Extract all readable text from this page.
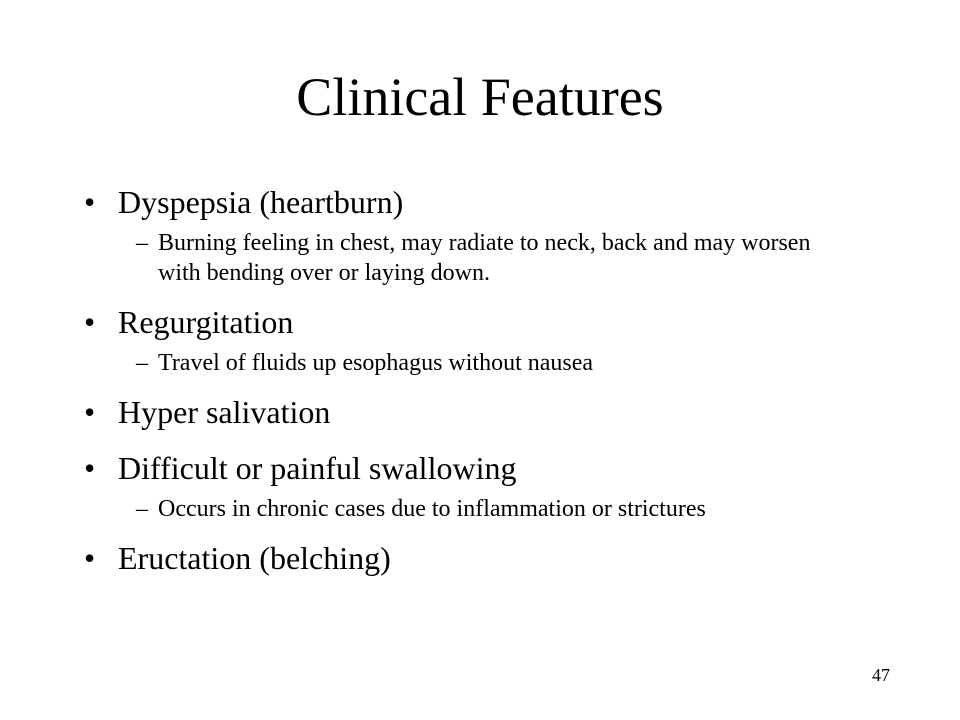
Clinical Features
• Dyspepsia (heartburn)
– Burning feeling in chest, may radiate to neck, back and may worsen with bending over or laying down.
• Regurgitation
– Travel of fluids up esophagus without nausea
• Hyper salivation
• Difficult or painful swallowing
– Occurs in chronic cases due to inflammation or strictures
• Eructation (belching)
47
